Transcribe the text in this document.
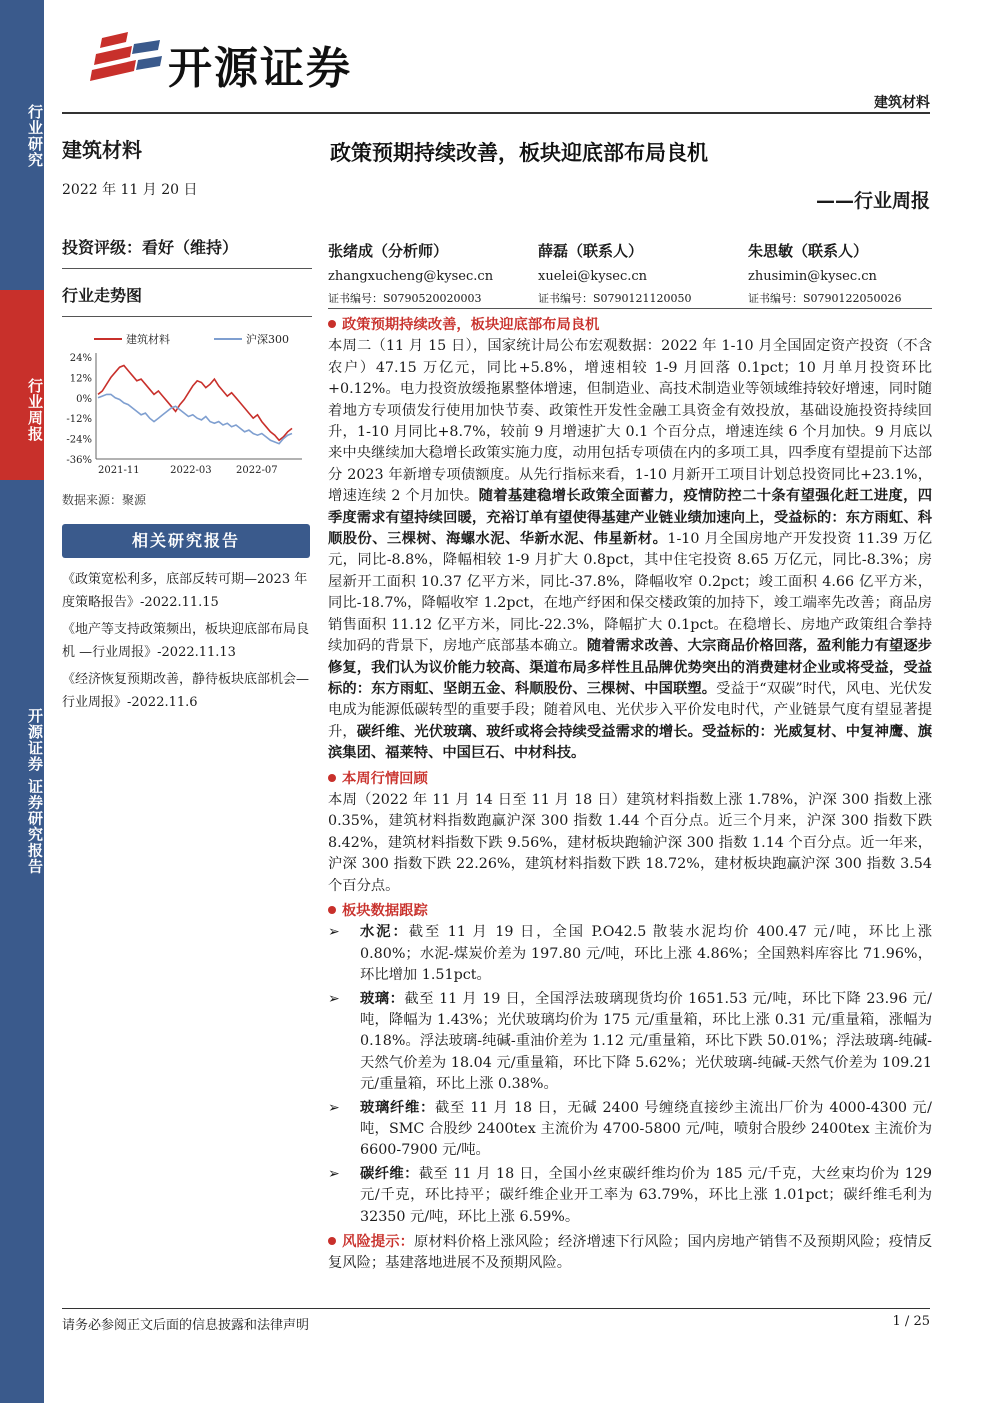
行业研究
行业周报
开源证券 证券研究报告
开源证券
建筑材料
建筑材料
2022 年 11 月 20 日
投资评级：看好（维持）
行业走势图
建筑材料	沪深300
24%
12%
0%
-12%
-24%
-36%
2021-11	2022-03 2022-07
数据来源：聚源
相关研究报告
《政策宽松利多，底部反转可期—2023 年度策略报告》-2022.11.15
《地产等支持政策频出，板块迎底部布局良机 —行业周报》-2022.11.13
《经济恢复预期改善，静待板块底部机会—行业周报》-2022.11.6
政策预期持续改善，板块迎底部布局良机
——行业周报
张绪成（分析师）
zhangxucheng@kysec.cn
证书编号：S0790520020003
薛磊（联系人）
xuelei@kysec.cn
证书编号：S0790121120050
朱思敏（联系人）
zhusimin@kysec.cn
证书编号：S0790122050026
政策预期持续改善，板块迎底部布局良机
本周二（11 月 15 日），国家统计局公布宏观数据：2022 年 1-10 月全国固定资产投资（不含农户）47.15 万亿元，同比+5.8%，增速相较 1-9 月回落 0.1pct；10 月单月投资环比+0.12%。电力投资放缓拖累整体增速，但制造业、高技术制造业等领域维持较好增速，同时随着地方专项债发行使用加快节奏、政策性开发性金融工具资金有效投放，基础设施投资持续回升，1-10 月同比+8.7%，较前 9 月增速扩大 0.1 个百分点，增速连续 6 个月加快。9 月底以来中央继续加大稳增长政策实施力度，动用包括专项债在内的多项工具，四季度有望提前下达部分 2023 年新增专项债额度。从先行指标来看，1-10 月新开工项目计划总投资同比+23.1%，增速连续 2 个月加快。随着基建稳增长政策全面蓄力，疫情防控二十条有望强化赶工进度，四季度需求有望持续回暖，充裕订单有望使得基建产业链业绩加速向上，受益标的：东方雨虹、科顺股份、三棵树、海螺水泥、华新水泥、伟星新材。1-10 月全国房地产开发投资 11.39 万亿元，同比-8.8%，降幅相较 1-9 月扩大 0.8pct，其中住宅投资 8.65 万亿元，同比-8.3%；房屋新开工面积 10.37 亿平方米，同比-37.8%，降幅收窄 0.2pct；竣工面积 4.66 亿平方米，同比-18.7%，降幅收窄 1.2pct，在地产纾困和保交楼政策的加持下，竣工端率先改善；商品房销售面积 11.12 亿平方米，同比-22.3%，降幅扩大 0.1pct。在稳增长、房地产政策组合拳持续加码的背景下，房地产底部基本确立。随着需求改善、大宗商品价格回落，盈利能力有望逐步修复，我们认为议价能力较高、渠道布局多样性且品牌优势突出的消费建材企业或将受益，受益标的：东方雨虹、坚朗五金、科顺股份、三棵树、中国联塑。受益于“双碳”时代，风电、光伏发电成为能源低碳转型的重要手段；随着风电、光伏步入平价发电时代，产业链景气度有望显著提升，碳纤维、光伏玻璃、玻纤或将会持续受益需求的增长。受益标的：光威复材、中复神鹰、旗滨集团、福莱特、中国巨石、中材科技。
本周行情回顾
本周（2022 年 11 月 14 日至 11 月 18 日）建筑材料指数上涨 1.78%，沪深 300 指数上涨 0.35%，建筑材料指数跑赢沪深 300 指数 1.44 个百分点。近三个月来，沪深 300 指数下跌 8.42%，建筑材料指数下跌 9.56%，建材板块跑输沪深 300 指数 1.14 个百分点。近一年来，沪深 300 指数下跌 22.26%，建筑材料指数下跌 18.72%，建材板块跑赢沪深 300 指数 3.54 个百分点。
板块数据跟踪
➢ 水泥：截至 11 月 19 日，全国 P.O42.5 散装水泥均价 400.47 元/吨，环比上涨 0.80%；水泥-煤炭价差为 197.80 元/吨，环比上涨 4.86%；全国熟料库容比 71.96%，环比增加 1.51pct。
➢ 玻璃：截至 11 月 19 日，全国浮法玻璃现货均价 1651.53 元/吨，环比下降 23.96 元/吨，降幅为 1.43%；光伏玻璃均价为 175 元/重量箱，环比上涨 0.31 元/重量箱，涨幅为 0.18%。浮法玻璃-纯碱-重油价差为 1.12 元/重量箱，环比下跌 50.01%；浮法玻璃-纯碱-天然气价差为 18.04 元/重量箱，环比下降 5.62%；光伏玻璃-纯碱-天然气价差为 109.21 元/重量箱，环比上涨 0.38%。
➢ 玻璃纤维：截至 11 月 18 日，无碱 2400 号缠绕直接纱主流出厂价为 4000-4300 元/吨，SMC 合股纱 2400tex 主流价为 4700-5800 元/吨，喷射合股纱 2400tex 主流价为 6600-7900 元/吨。
➢ 碳纤维：截至 11 月 18 日，全国小丝束碳纤维均价为 185 元/千克，大丝束均价为 129 元/千克，环比持平；碳纤维企业开工率为 63.79%，环比上涨 1.01pct；碳纤维毛利为 32350 元/吨，环比上涨 6.59%。
风险提示：原材料价格上涨风险；经济增速下行风险；国内房地产销售不及预期风险；疫情反复风险；基建落地进展不及预期风险。
请务必参阅正文后面的信息披露和法律声明	1 / 25
